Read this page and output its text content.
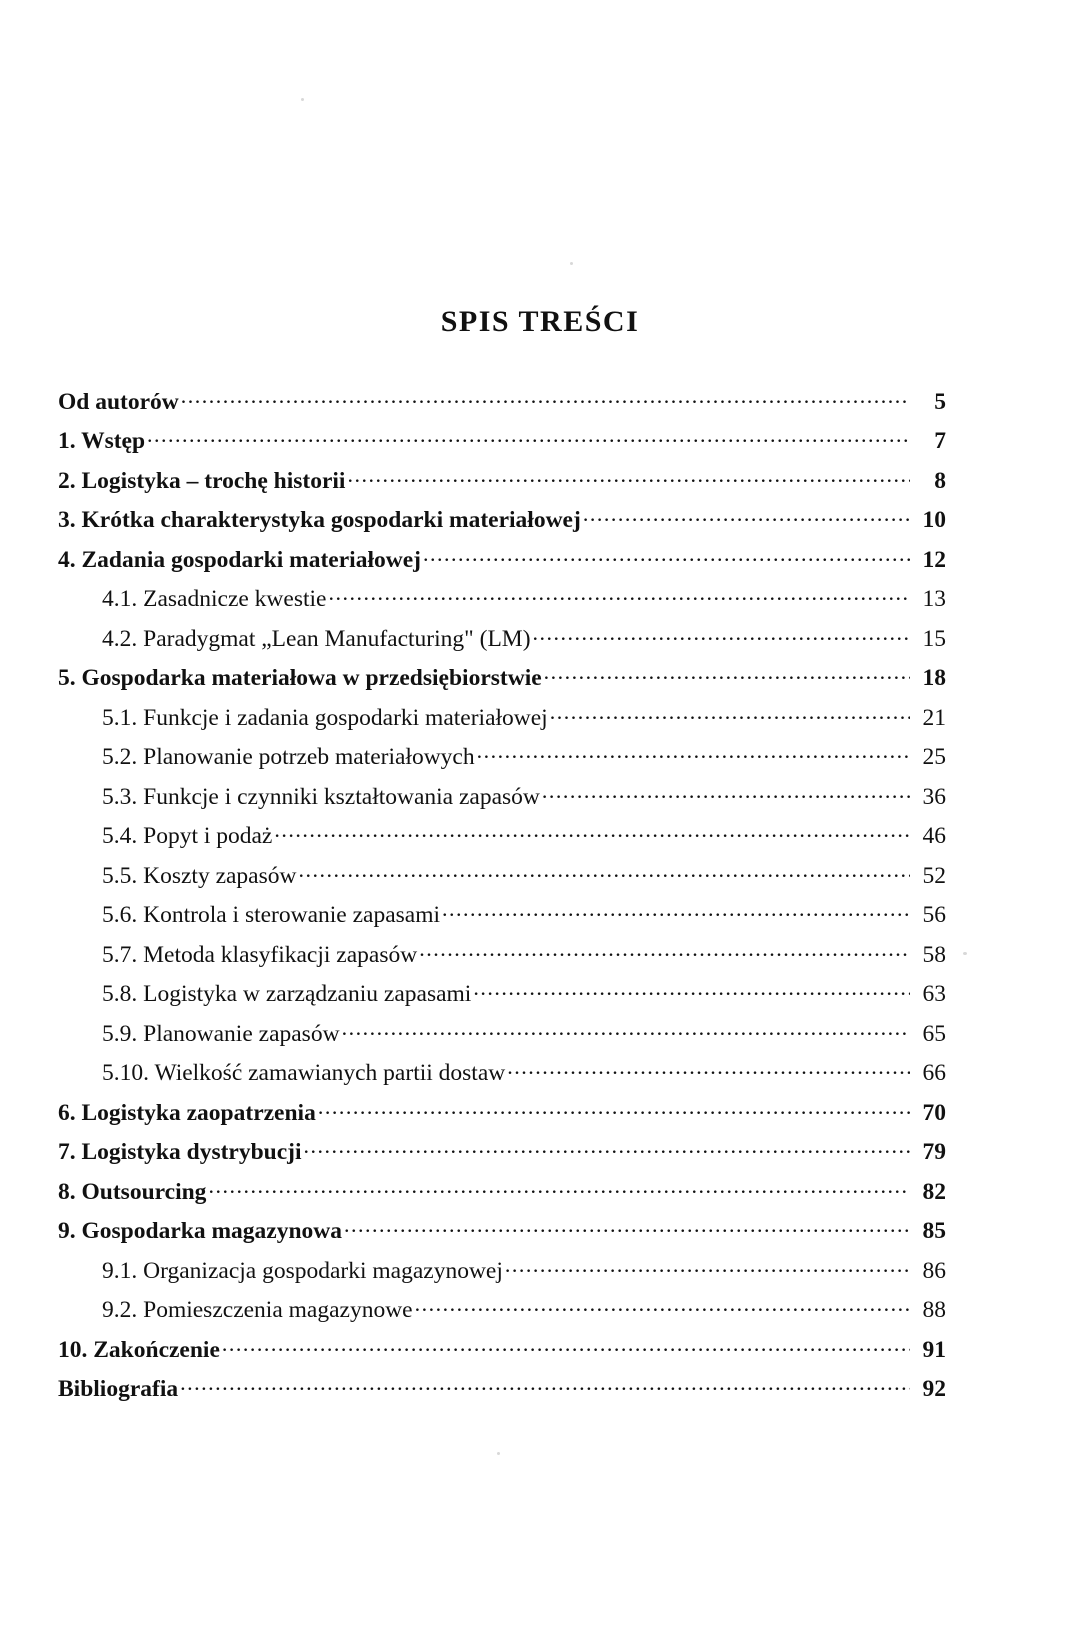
SPIS TREŚCI
Od autorów .....	5
1. Wstęp .....	7
2. Logistyka – trochę historii .....	8
3. Krótka charakterystyka gospodarki materiałowej .....	10
4. Zadania gospodarki materiałowej .....	12
4.1. Zasadnicze kwestie .....	13
4.2. Paradygmat „Lean Manufacturing" (LM) .....	15
5. Gospodarka materiałowa w przedsiębiorstwie .....	18
5.1. Funkcje i zadania gospodarki materiałowej .....	21
5.2. Planowanie potrzeb materiałowych .....	25
5.3. Funkcje i czynniki kształtowania zapasów .....	36
5.4. Popyt i podaż .....	46
5.5. Koszty zapasów .....	52
5.6. Kontrola i sterowanie zapasami .....	56
5.7. Metoda klasyfikacji zapasów .....	58
5.8. Logistyka w zarządzaniu zapasami .....	63
5.9. Planowanie zapasów .....	65
5.10. Wielkość zamawianych partii dostaw .....	66
6. Logistyka zaopatrzenia .....	70
7. Logistyka dystrybucji .....	79
8. Outsourcing .....	82
9. Gospodarka magazynowa .....	85
9.1. Organizacja gospodarki magazynowej .....	86
9.2. Pomieszczenia magazynowe .....	88
10. Zakończenie .....	91
Bibliografia .....	92
